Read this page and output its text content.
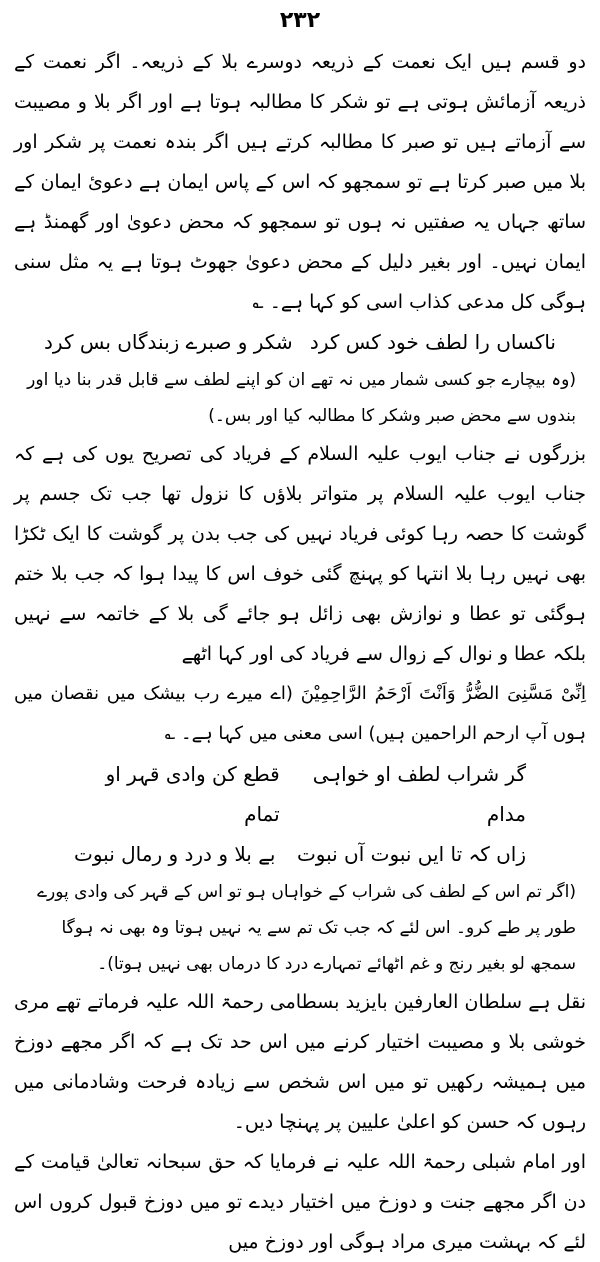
۲۳۲

دو قسم ہیں ایک نعمت کے ذریعہ دوسرے بلا کے ذریعہ۔ اگر نعمت کے ذریعہ آزمائش ہوتی ہے تو شکر کا مطالبہ ہوتا ہے اور اگر بلا و مصیبت سے آزماتے ہیں تو صبر کا مطالبہ کرتے ہیں اگر بندہ نعمت پر شکر اور بلا میں صبر کرتا ہے تو سمجھو کہ اس کے پاس ایمان ہے دعوئ ایمان کے ساتھ جہاں یہ صفتیں نہ ہوں تو سمجھو کہ محض دعویٰ اور گھمنڈ ہے ایمان نہیں۔ اور بغیر دلیل کے محض دعویٰ جھوٹ ہوتا ہے یہ مثل سنی ہوگی کل مدعی کذاب اسی کو کہا ہے۔ ؎

ناکساں را لطف خود کس کرد
شکر و صبرے زبندگاں بس کرد
(وہ بیچارے جو کسی شمار میں نہ تھے ان کو اپنے لطف سے قابل قدر بنا دیا اور بندوں سے محض صبر وشکر کا مطالبہ کیا اور بس۔)

بزرگوں نے جناب ایوب علیہ السلام کے فریاد کی تصریح یوں کی ہے کہ جناب ایوب علیہ السلام پر متواتر بلاؤں کا نزول تھا جب تک جسم پر گوشت کا حصہ رہا کوئی فریاد نہیں کی جب بدن پر گوشت کا ایک ٹکڑا بھی نہیں رہا بلا انتہا کو پہنچ گئی خوف اس کا پیدا ہوا کہ جب بلا ختم ہوگئی تو عطا و نوازش بھی زائل ہو جائے گی بلا کے خاتمہ سے نہیں بلکہ عطا و نوال کے زوال سے فریاد کی اور کہا اٹھے

اِنِّیْ مَسَّنِیَ الضُّرُّ وَاَنْتَ اَرْحَمُ الرَّاحِمِیْنَ (اے میرے رب بیشک میں نقصان میں ہوں آپ ارحم الراحمین ہیں) اسی معنی میں کہا ہے۔ ؎

گر شراب لطف او خواہی مدام
قطع کن وادی قہر او تمام
زاں کہ تا ایں نبوت آں نبوت
بے بلا و درد و رمال نبوت
(اگر تم اس کے لطف کی شراب کے خواہاں ہو تو اس کے قہر کی وادی پورے طور پر طے کرو۔ اس لئے کہ جب تک تم سے یہ نہیں ہوتا وہ بھی نہ ہوگا سمجھ لو بغیر رنج و غم اٹھائے تمہارے درد کا درماں بھی نہیں ہوتا)۔

نقل ہے سلطان العارفین بایزید بسطامی رحمۃ اللہ علیہ فرماتے تھے مری خوشی بلا و مصیبت اختیار کرنے میں اس حد تک ہے کہ اگر مجھے دوزخ میں ہمیشہ رکھیں تو میں اس شخص سے زیادہ فرحت وشادمانی میں رہوں کہ حسن کو اعلیٰ علیین پر پہنچا دیں۔

اور امام شبلی رحمۃ اللہ علیہ نے فرمایا کہ حق سبحانہ تعالیٰ قیامت کے دن اگر مجھے جنت و دوزخ میں اختیار دیدے تو میں دوزخ قبول کروں اس لئے کہ بہشت میری مراد ہوگی اور دوزخ میں
